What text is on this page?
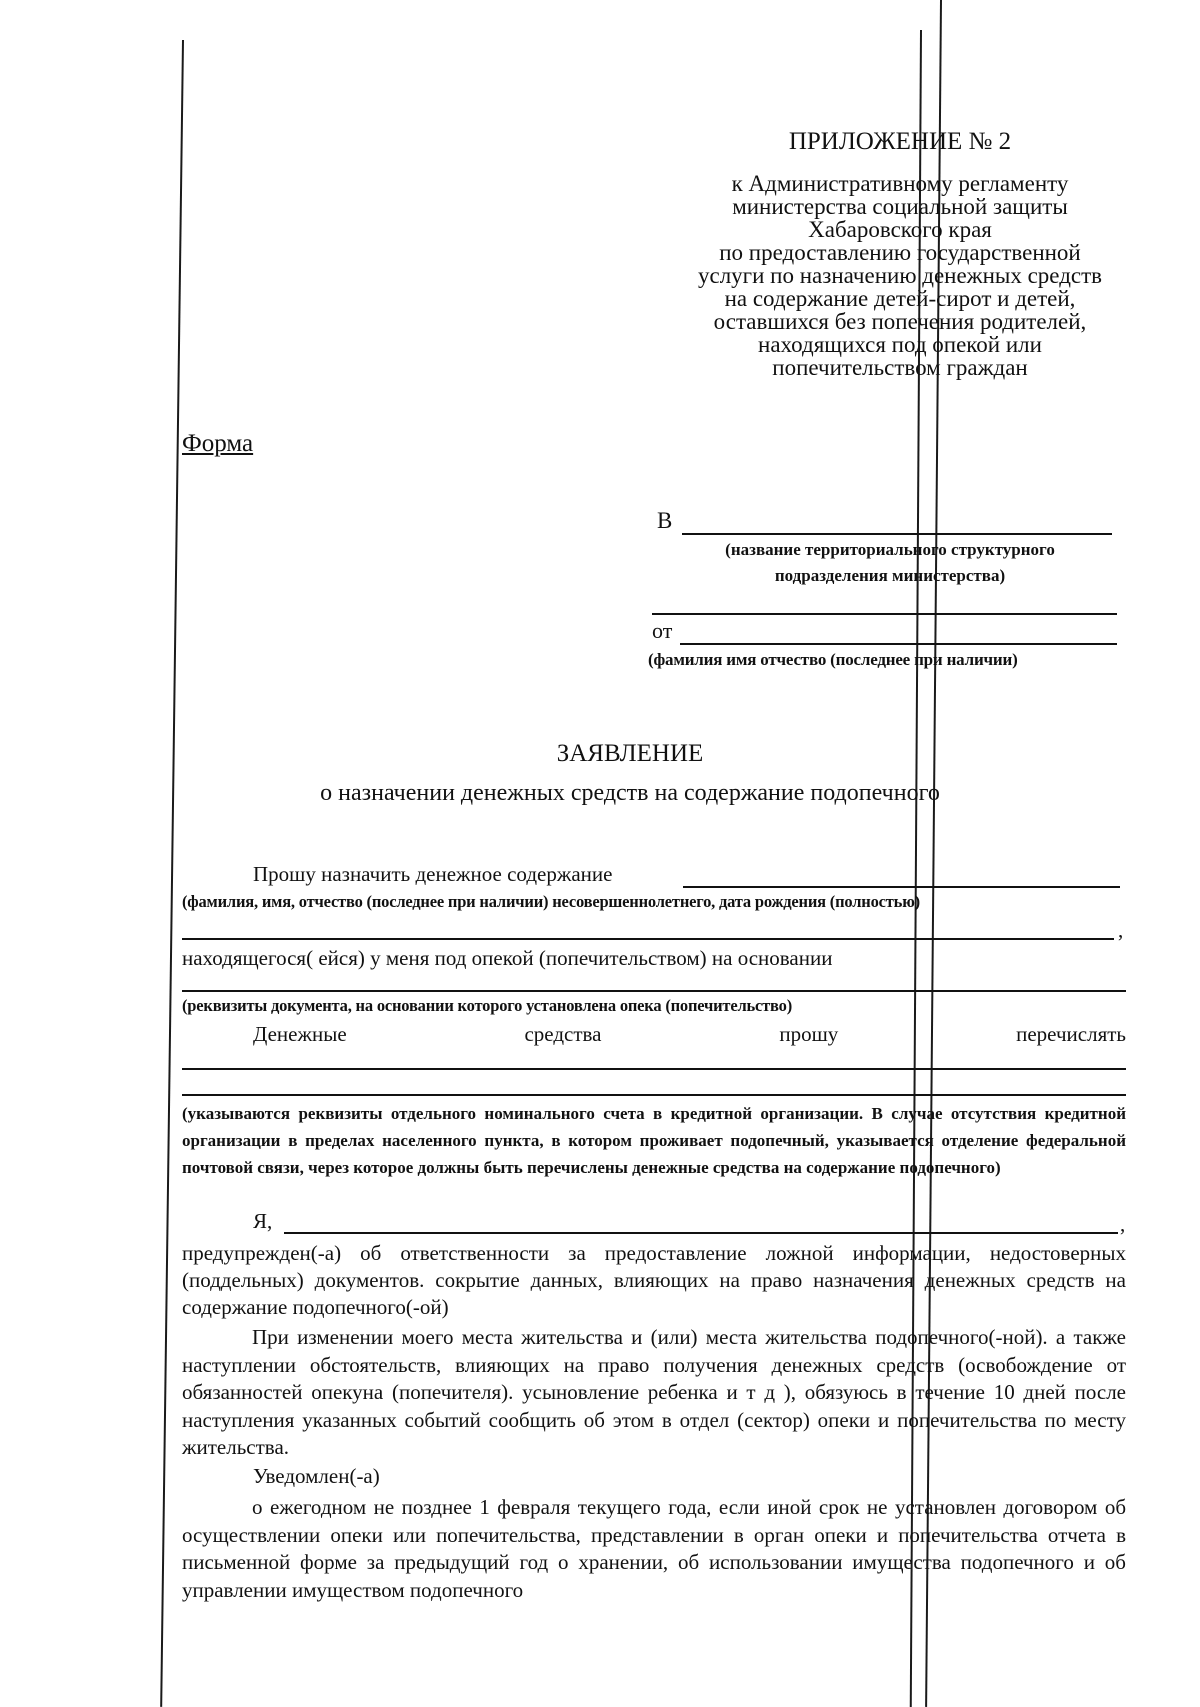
ПРИЛОЖЕНИЕ № 2
к Административному регламенту
министерства социальной защиты
Хабаровского края
по предоставлению государственной
услуги по назначению денежных средств
на содержание детей-сирот и детей,
оставшихся без попечения родителей,
находящихся под опекой или
попечительством граждан
Форма
В
(название территориального структурного
подразделения министерства)
от
(фамилия имя отчество (последнее при наличии)
ЗАЯВЛЕНИЕ
о назначении денежных средств на содержание подопечного
Прошу назначить денежное содержание
(фамилия, имя, отчество (последнее при наличии) несовершеннолетнего, дата рождения (полностью)
,
находящегося( ейся) у меня под опекой (попечительством) на основании
(реквизиты документа, на основании которого установлена опека (попечительство)
Денежные	средства	прошу	перечислять
(указываются реквизиты отдельного номинального счета в кредитной организации. В случае отсутствия кредитной организации в пределах населенного пункта, в котором проживает подопечный, указывается отделение федеральной почтовой связи, через которое должны быть перечислены денежные средства на содержание подопечного)
Я,	,
предупрежден(-а) об ответственности за предоставление ложной информации, недостоверных (поддельных) документов. сокрытие данных, влияющих на право назначения денежных средств на содержание подопечного(-ой)
При изменении моего места жительства и (или) места жительства подопечного(-ной). а также наступлении обстоятельств, влияющих на право получения денежных средств (освобождение от обязанностей опекуна (попечителя). усыновление ребенка и т д ), обязуюсь в течение 10 дней после наступления указанных событий сообщить об этом в отдел (сектор) опеки и попечительства по месту жительства.
Уведомлен(-а)
о ежегодном не позднее 1 февраля текущего года, если иной срок не установлен договором об осуществлении опеки или попечительства, представлении в орган опеки и попечительства отчета в письменной форме за предыдущий год о хранении, об использовании имущества подопечного и об управлении имуществом подопечного
